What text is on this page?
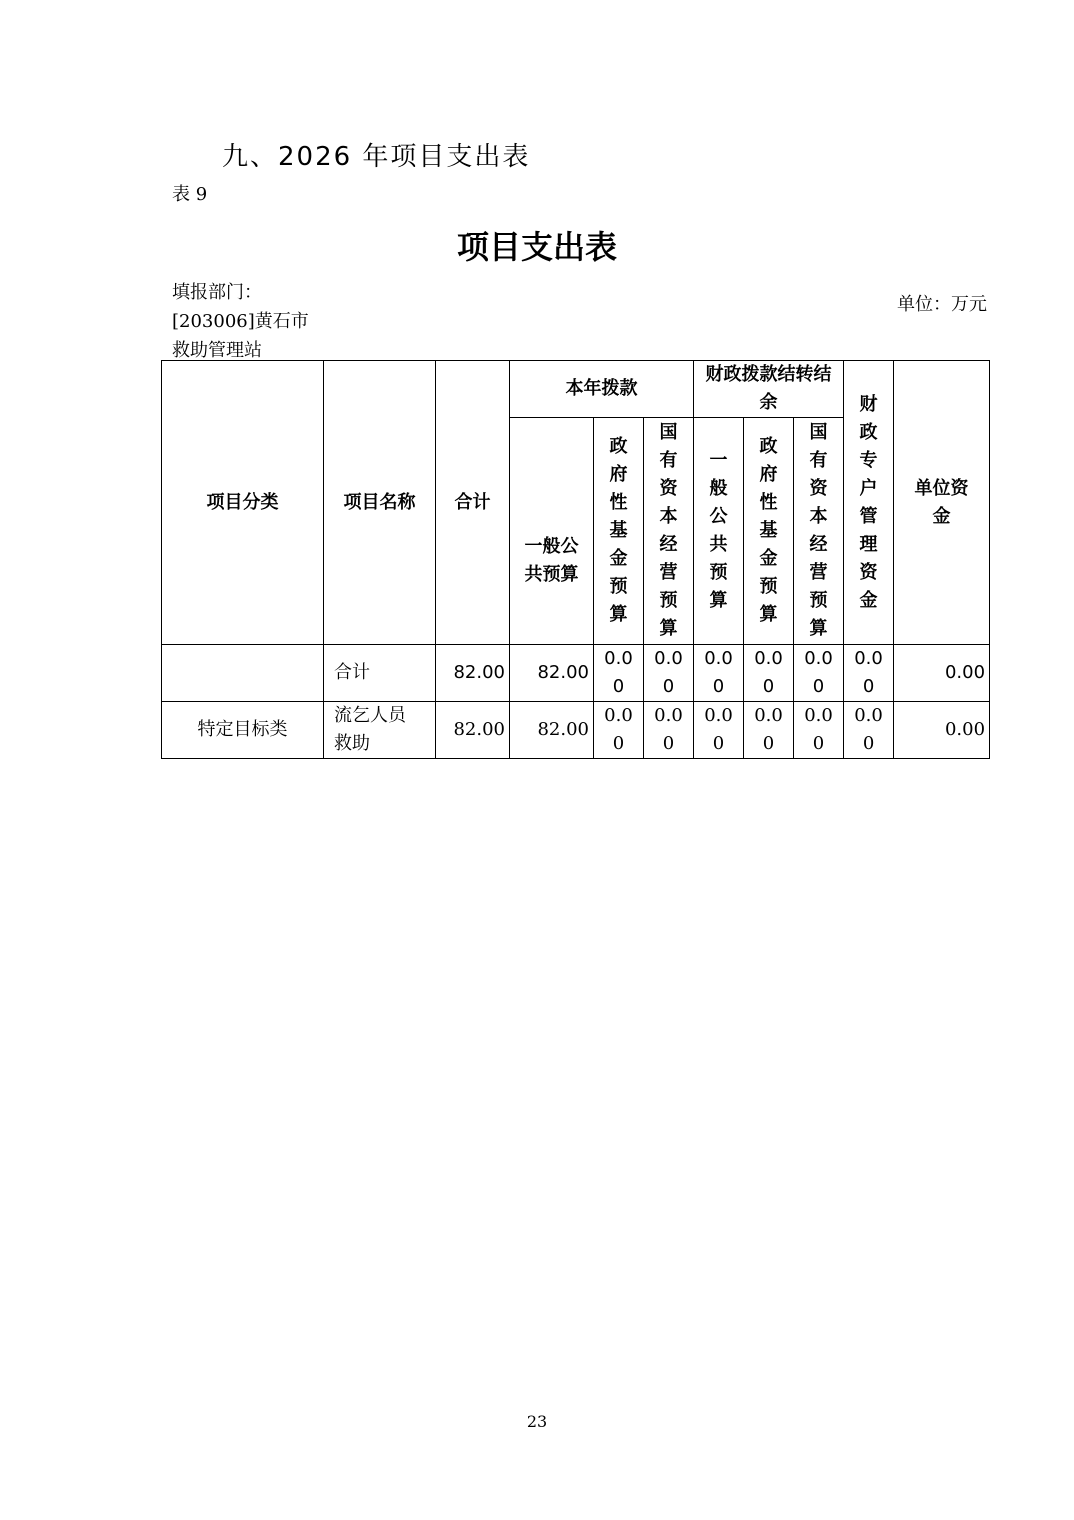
九、2026 年项目支出表
表 9
项目支出表
填报部门：[203006]黄石市救助管理站
单位：万元
项目分类	项目名称	合计	本年拨款			财政拨款结转结余			财政专户管理资金	单位资金
			一般公共预算	政府性基金预算	国有资本经营预算	一般公共预算	政府性基金预算	国有资本经营预算		
	合计	82.00	82.00	0.00	0.00	0.00	0.00	0.00	0.00	0.00
特定目标类	流乞人员救助	82.00	82.00	0.00	0.00	0.00	0.00	0.00	0.00	0.00
23
